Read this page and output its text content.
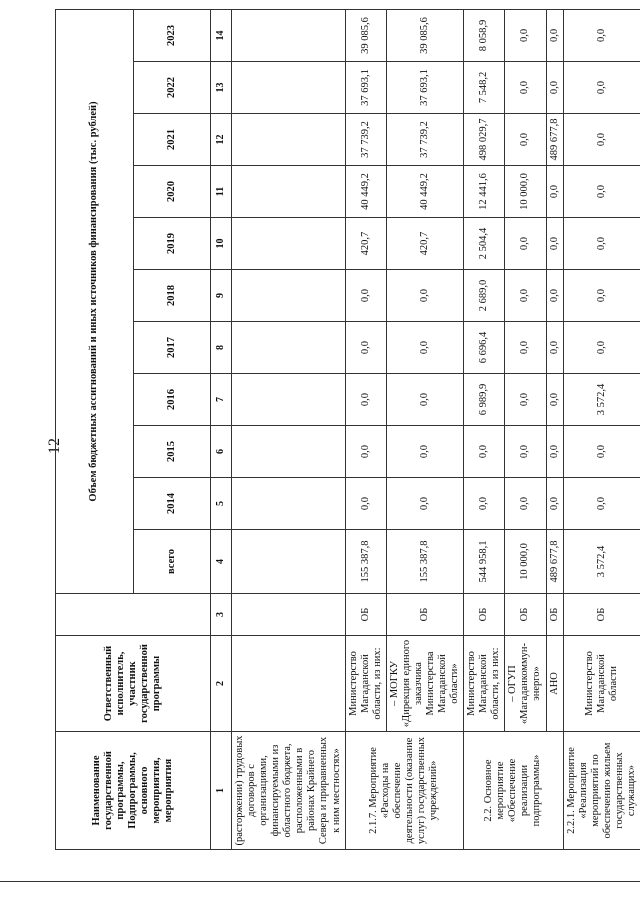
12
Наименование государственной программы, Подпрограммы, основного мероприятия, мероприятия	Ответственный исполнитель, участник государственной программы		Объем бюджетных ассигнований и иных источников финансирования (тыс. рублей)										
			всего	2014	2015	2016	2017	2018	2019	2020	2021	2022	2023
1	2	3	4	5	6	7	8	9	10	11	12	13	14
(расторжении) трудовых договоров с организациями, финансируемыми из областного бюджета, расположенными в районах Крайнего Севера и приравненных к ним местностях»													
2.1.7. Мероприятие «Расходы на обеспечение деятельности (оказание услуг) государственных учреждений»	Министерство Магаданской области, из них:	ОБ	155 387,8	0,0	0,0	0,0	0,0	0,0	420,7	40 449,2	37 739,2	37 693,1	39 085,6
	– МОГКУ «Дирекция единого заказчика Министерства Магаданской области»	ОБ	155 387,8	0,0	0,0	0,0	0,0	0,0	420,7	40 449,2	37 739,2	37 693,1	39 085,6
2.2. Основное мероприятие «Обеспечение реализации подпрограммы»	Министерство Магаданской области, из них:	ОБ	544 958,1	0,0	0,0	6 989,9	6 696,4	2 689,0	2 504,4	12 441,6	498 029,7	7 548,2	8 058,9
	– ОГУП «Магаданкоммун-энерго»	ОБ	10 000,0	0,0	0,0	0,0	0,0	0,0	0,0	10 000,0	0,0	0,0	0,0
	АНО	ОБ	489 677,8	0,0	0,0	0,0	0,0	0,0	0,0	0,0	489 677,8	0,0	0,0
2.2.1. Мероприятие «Реализация мероприятий по обеспечению жильем государственных служащих»	Министерство Магаданской области	ОБ	3 572,4	0,0	0,0	3 572,4	0,0	0,0	0,0	0,0	0,0	0,0	0,0
